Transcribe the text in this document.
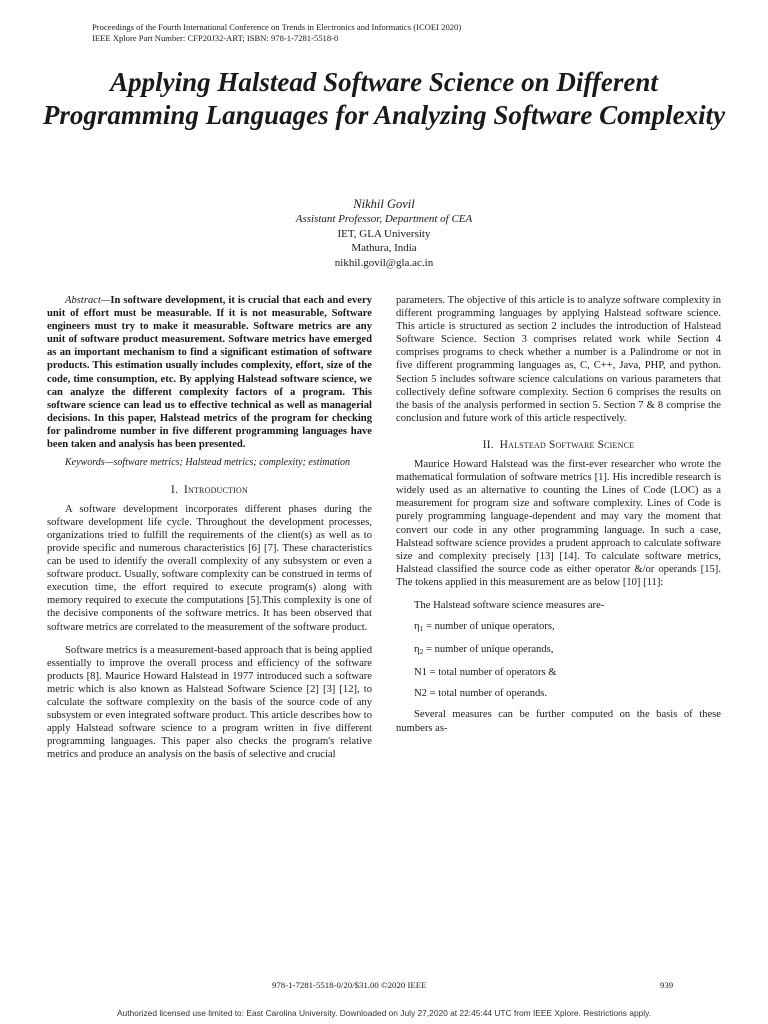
Proceedings of the Fourth International Conference on Trends in Electronics and Informatics (ICOEI 2020)
IEEE Xplore Part Number: CFP20J32-ART; ISBN: 978-1-7281-5518-0
Applying Halstead Software Science on Different Programming Languages for Analyzing Software Complexity
Nikhil Govil
Assistant Professor, Department of CEA
IET, GLA University
Mathura, India
nikhil.govil@gla.ac.in

Abstract—In software development, it is crucial that each and every unit of effort must be measurable. If it is not measurable, Software engineers must try to make it measurable. Software metrics are any unit of software product measurement. Software metrics have emerged as an important mechanism to find a significant estimation of software products. This estimation usually includes complexity, effort, size of the code, time consumption, etc. By applying Halstead software science, we can analyze the different complexity factors of a program. This software science can lead us to effective technical as well as managerial decisions. In this paper, Halstead metrics of the program for checking for palindrome number in five different programming languages have been taken and analysis has been presented.

Keywords—software metrics; Halstead metrics; complexity; estimation

I. Introduction

A software development incorporates different phases during the software development life cycle. Throughout the development processes, organizations tried to fulfill the requirements of the client(s) as well as to provide specific and numerous characteristics [6] [7]. These characteristics can be used to identify the overall complexity of any subsystem or even a software product. Usually, software complexity can be construed in terms of execution time, the effort required to execute program(s) along with memory required to execute the computations [5].This complexity is one of the decisive components of the software metrics. It has been observed that software metrics are correlated to the measurement of the software product.

Software metrics is a measurement-based approach that is being applied essentially to improve the overall process and efficiency of the software products [8]. Maurice Howard Halstead in 1977 introduced such a software metric which is also known as Halstead Software Science [2] [3] [12], to calculate the software complexity on the basis of the source code of any subsystem or even integrated software product. This article describes how to apply Halstead software science to a program written in five different programming languages. This paper also checks the program's relative metrics and produce an analysis on the basis of selective and crucial

parameters. The objective of this article is to analyze software complexity in different programming languages by applying Halstead software science. This article is structured as section 2 includes the introduction of Halstead Software Science. Section 3 comprises related work while Section 4 comprises programs to check whether a number is a Palindrome or not in five different programming languages as, C, C++, Java, PHP, and python. Section 5 includes software science calculations on various parameters that collectively define software complexity. Section 6 comprises the results on the basis of the analysis performed in section 5. Section 7 & 8 comprise the conclusion and future work of this article respectively.

II. Halstead Software Science

Maurice Howard Halstead was the first-ever researcher who wrote the mathematical formulation of software metrics [1]. His incredible research is widely used as an alternative to counting the Lines of Code (LOC) as a measurement for program size and software complexity. Lines of Code is purely programming language-dependent and may vary the moment that convert our code in any other programming language. In such a case, Halstead software science provides a prudent approach to calculate software size and complexity precisely [13] [14]. To calculate software metrics, Halstead classified the source code as either operator &/or operands [15]. The tokens applied in this measurement are as below [10] [11]:

The Halstead software science measures are-

$\eta_1$ = number of unique operators,

$\eta_2$ = number of unique operands,

N1 = total number of operators &

N2 = total number of operands.

Several measures can be further computed on the basis of these numbers as-

978-1-7281-5518-0/20/$31.00 ©2020 IEEE	939
Authorized licensed use limited to: East Carolina University. Downloaded on July 27,2020 at 22:45:44 UTC from IEEE Xplore. Restrictions apply.
